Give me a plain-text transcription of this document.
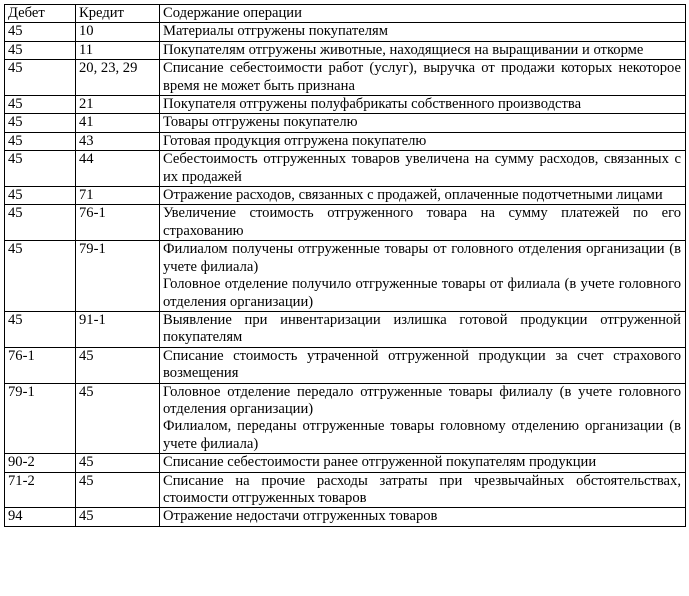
Дебет	Кредит	Содержание операции
45	10	Материалы отгружены покупателям

45	11	Покупателям отгружены животные, находящиеся на выращивании и откорме

45	20, 23, 29	Списание себестоимости работ (услуг), выручка от продажи которых некоторое время не может быть признана

45	21	Покупателя отгружены полуфабрикаты собственного производства

45	41	Товары отгружены покупателю

45	43	Готовая продукция отгружена покупателю

45	44	Себестоимость отгруженных товаров увеличена на сумму расходов, связанных с их продажей

45	71	Отражение расходов, связанных с продажей, оплаченные подотчетными лицами

45	76-1	Увеличение стоимость отгруженного товара на сумму платежей по его страхованию

45	79-1	Филиалом получены отгруженные товары от головного отделения организации (в учете филиала)
Головное отделение получило отгруженные товары от филиала (в учете головного отделения организации)

45	91-1	Выявление при инвентаризации излишка готовой продукции отгруженной покупателям

76-1	45	Списание стоимость утраченной отгруженной продукции за счет страхового возмещения

79-1	45	Головное отделение передало отгруженные товары филиалу (в учете головного отделения организации)
Филиалом, переданы отгруженные товары головному отделению организации (в учете филиала)

90-2	45	Списание себестоимости ранее отгруженной покупателям продукции

71-2	45	Списание на прочие расходы затраты при чрезвычайных обстоятельствах, стоимости отгруженных товаров

94	45	Отражение недостачи отгруженных товаров
